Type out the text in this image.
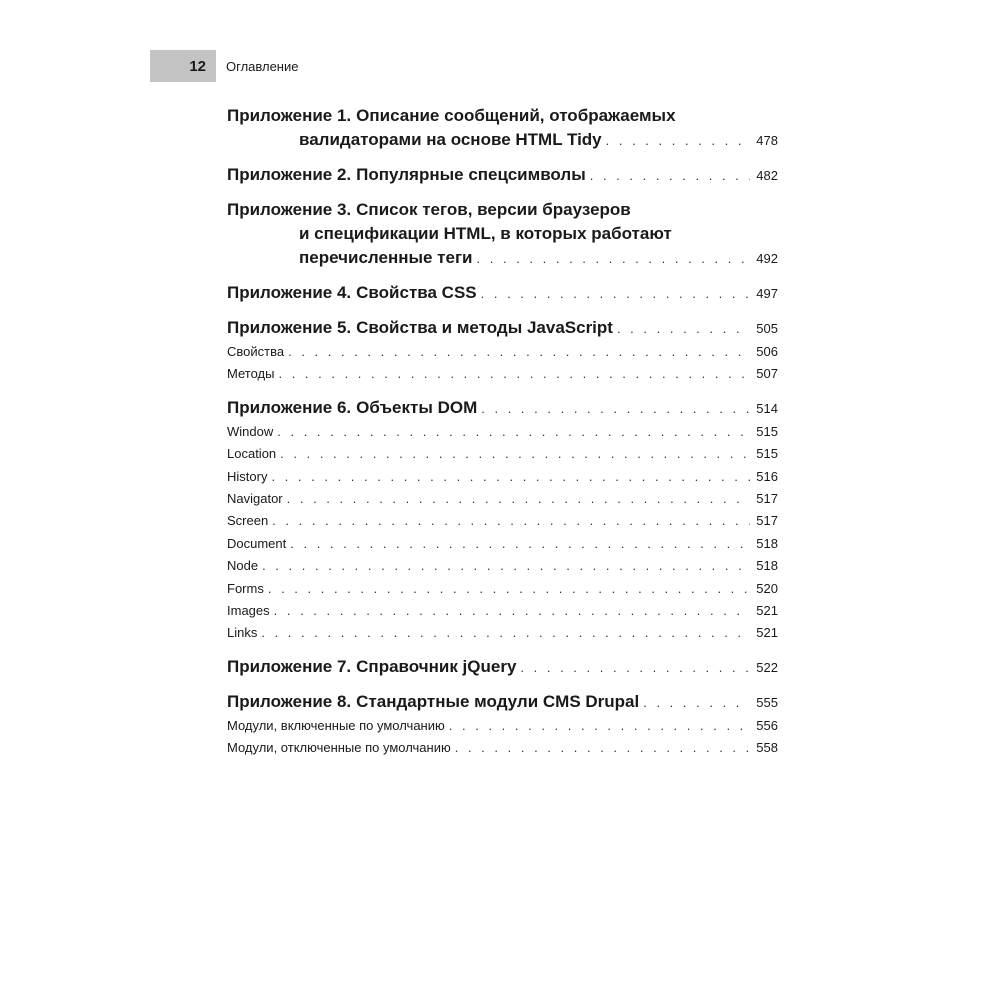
12	Оглавление
Приложение 1. Описание сообщений, отображаемых
валидаторами на основе HTML Tidy . . .	478
Приложение 2. Популярные спецсимволы . . .	482
Приложение 3. Список тегов, версии браузеров
и спецификации HTML, в которых работают
перечисленные теги . . .	492
Приложение 4. Свойства CSS . . .	497
Приложение 5. Свойства и методы JavaScript . . .	505
Свойства . . .	506
Методы . . .	507
Приложение 6. Объекты DOM . . .	514
Window . . .	515
Location . . .	515
History . . .	516
Navigator . . .	517
Screen . . .	517
Document . . .	518
Node . . .	518
Forms . . .	520
Images . . .	521
Links . . .	521
Приложение 7. Справочник jQuery . . .	522
Приложение 8. Стандартные модули CMS Drupal . . .	555
Модули, включенные по умолчанию . . .	556
Модули, отключенные по умолчанию . . .	558
